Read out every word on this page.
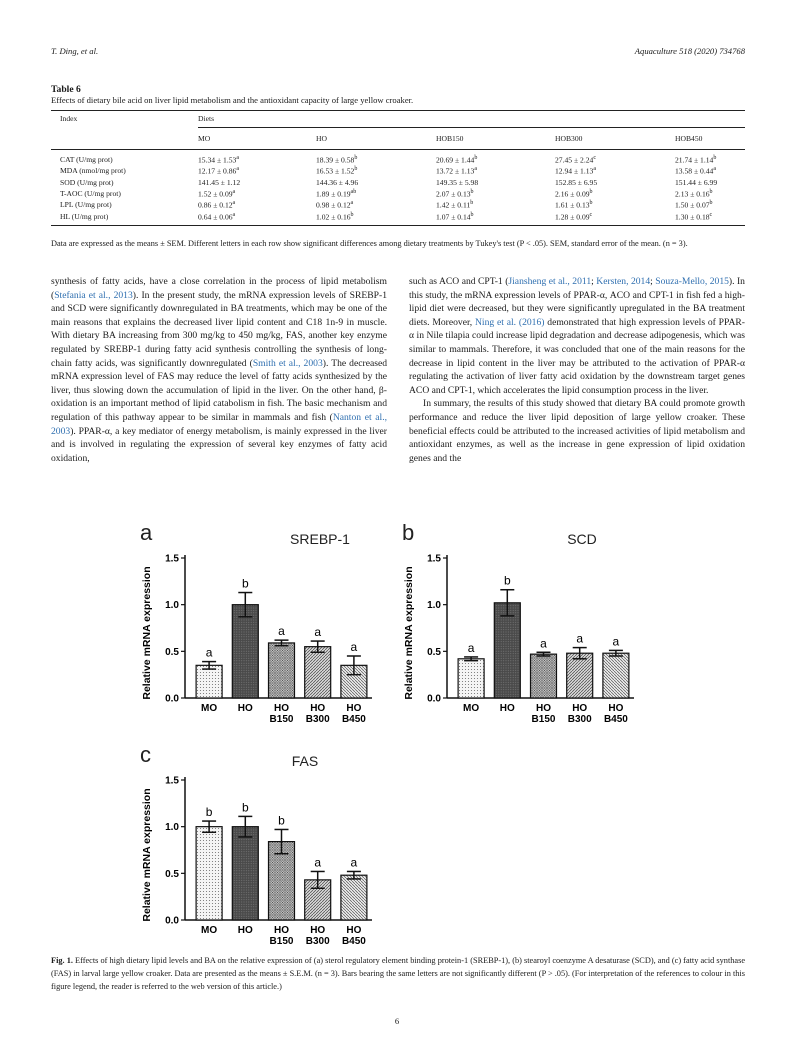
T. Ding, et al.	Aquaculture 518 (2020) 734768
Table 6
Effects of dietary bile acid on liver lipid metabolism and the antioxidant capacity of large yellow croaker.
Index	Diets
MO	HO	HOB150	HOB300	HOB450
CAT (U/mg prot)	15.34 ± 1.53$^a$	18.39 ± 0.58$^b$	20.69 ± 1.44$^b$	27.45 ± 2.24$^c$	21.74 ± 1.14$^b$
MDA (nmol/mg prot)	12.17 ± 0.86$^a$	16.53 ± 1.52$^b$	13.72 ± 1.13$^a$	12.94 ± 1.13$^a$	13.58 ± 0.44$^a$
SOD (U/mg prot)	141.45 ± 1.12	144.36 ± 4.96	149.35 ± 5.98	152.85 ± 6.95	151.44 ± 6.99
T-AOC (U/mg prot)	1.52 ± 0.09$^a$	1.89 ± 0.19$^{ab}$	2.07 ± 0.13$^b$	2.16 ± 0.09$^b$	2.13 ± 0.16$^b$
LPL (U/mg prot)	0.86 ± 0.12$^a$	0.98 ± 0.12$^a$	1.42 ± 0.11$^b$	1.61 ± 0.13$^b$	1.50 ± 0.07$^b$
HL (U/mg prot)	0.64 ± 0.06$^a$	1.02 ± 0.16$^b$	1.07 ± 0.14$^b$	1.28 ± 0.09$^c$	1.30 ± 0.18$^c$
Data are expressed as the means ± SEM. Different letters in each row show significant differences among dietary treatments by Tukey's test (P < .05). SEM, standard error of the mean. (n = 3).

synthesis of fatty acids, have a close correlation in the process of lipid metabolism (Stefania et al., 2013). In the present study, the mRNA expression levels of SREBP-1 and SCD were significantly downregulated in BA treatments, which may be one of the main reasons that explains the decreased liver lipid content and C18 1n-9 in muscle. With dietary BA increasing from 300 mg/kg to 450 mg/kg, FAS, another key enzyme regulated by SREBP-1 during fatty acid synthesis controlling the synthesis of long-chain fatty acids, was significantly downregulated (Smith et al., 2003). The decreased mRNA expression level of FAS may reduce the level of fatty acids synthesized by the liver, thus slowing down the accumulation of lipid in the liver. On the other hand, β-oxidation is an important method of lipid catabolism in fish. The basic mechanism and regulation of this pathway appear to be similar in mammals and fish (Nanton et al., 2003). PPAR-α, a key mediator of energy metabolism, is mainly expressed in the liver and is involved in regulating the expression of several key enzymes of fatty acid oxidation,

such as ACO and CPT-1 (Jiansheng et al., 2011; Kersten, 2014; Souza-Mello, 2015). In this study, the mRNA expression levels of PPAR-α, ACO and CPT-1 in fish fed a high-lipid diet were decreased, but they were significantly upregulated in the BA treatment diets. Moreover, Ning et al. (2016) demonstrated that high expression levels of PPAR-α in Nile tilapia could increase lipid degradation and decrease adipogenesis, which was similar to mammals. Therefore, it was concluded that one of the main reasons for the decrease in lipid content in the liver may be attributed to the activation of PPAR-α regulating the activation of liver fatty acid oxidation by the downstream target genes ACO and CPT-1, which accelerates the lipid consumption process in the liver.

In summary, the results of this study showed that dietary BA could promote growth performance and reduce the liver lipid deposition of large yellow croaker. These beneficial effects could be attributed to the increased activities of lipid metabolism and antioxidant enzymes, as well as the increase in gene expression of lipid oxidation genes and the

a	SREBP-1
Relative mRNA expression 0.0
0.5
1.0
1.5
a
MO
b
HO
a
HO
B150
a
HO
B300
a
HO
B450
b	SCD
Relative mRNA expression 0.0
0.5
1.0
1.5
a
MO
b
HO
a
HO
B150
a
HO
B300
a
HO
B450
c	FAS
Relative mRNA expression 0.0
0.5
1.0
1.5
b
MO
b
HO
b
HO
B150
a
HO
B300
a
HO
B450
Fig. 1. Effects of high dietary lipid levels and BA on the relative expression of (a) sterol regulatory element binding protein-1 (SREBP-1), (b) stearoyl coenzyme A desaturase (SCD), and (c) fatty acid synthase (FAS) in larval large yellow croaker. Data are presented as the means ± S.E.M. (n = 3). Bars bearing the same letters are not significantly different (P > .05). (For interpretation of the references to colour in this figure legend, the reader is referred to the web version of this article.)
6
